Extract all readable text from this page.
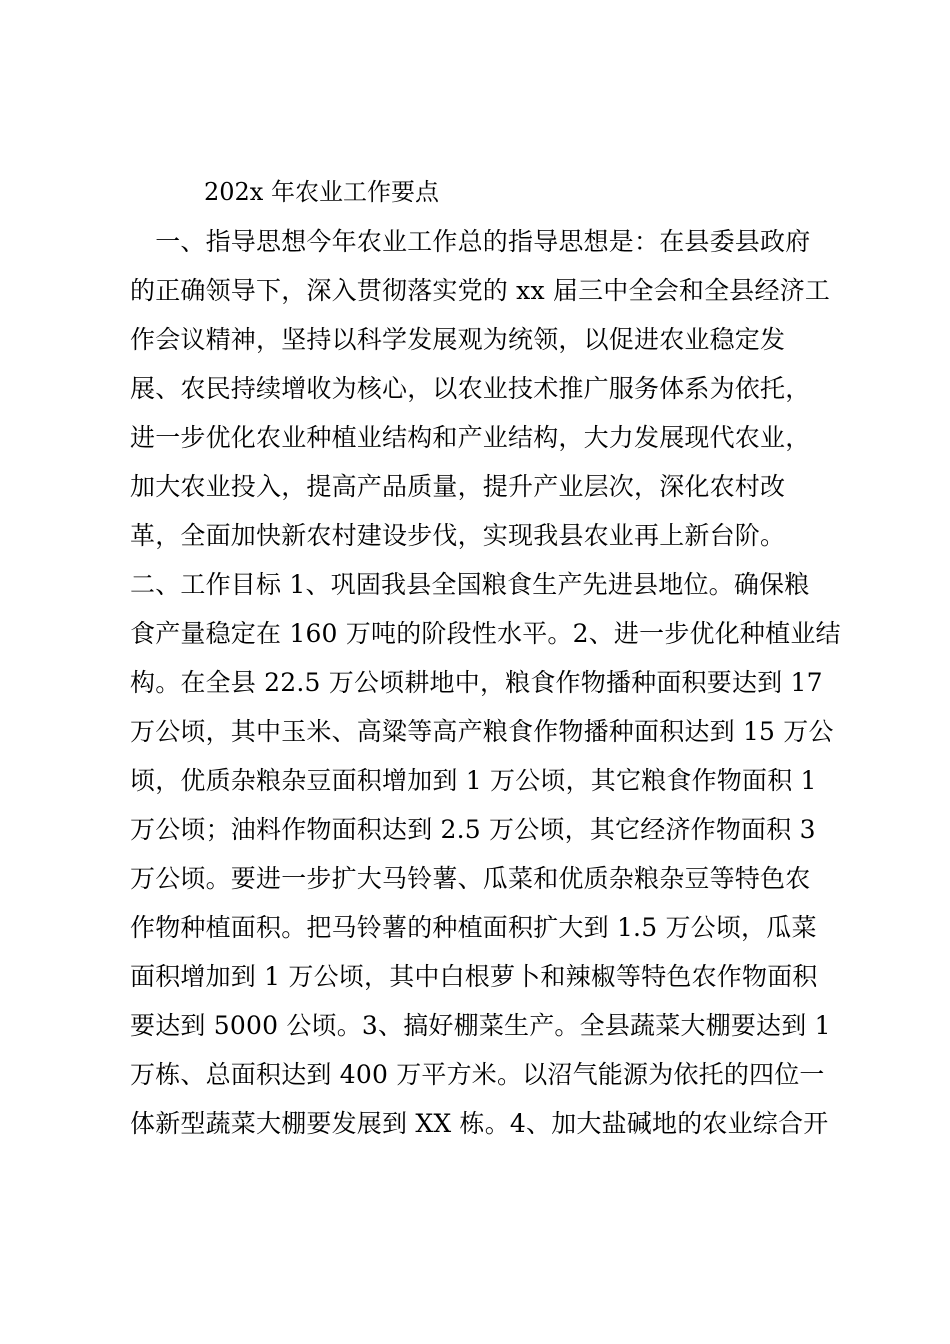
202x 年农业工作要点
　一、指导思想今年农业工作总的指导思想是：在县委县政府
的正确领导下，深入贯彻落实党的 xx 届三中全会和全县经济工
作会议精神，坚持以科学发展观为统领，以促进农业稳定发
展、农民持续增收为核心，以农业技术推广服务体系为依托，
进一步优化农业种植业结构和产业结构，大力发展现代农业，
加大农业投入，提高产品质量，提升产业层次，深化农村改
革，全面加快新农村建设步伐，实现我县农业再上新台阶。
二、工作目标 1、巩固我县全国粮食生产先进县地位。确保粮
食产量稳定在 160 万吨的阶段性水平。2、进一步优化种植业结
构。在全县 22.5 万公顷耕地中，粮食作物播种面积要达到 17
万公顷，其中玉米、高粱等高产粮食作物播种面积达到 15 万公
顷，优质杂粮杂豆面积增加到 1 万公顷，其它粮食作物面积 1
万公顷；油料作物面积达到 2.5 万公顷，其它经济作物面积 3
万公顷。要进一步扩大马铃薯、瓜菜和优质杂粮杂豆等特色农
作物种植面积。把马铃薯的种植面积扩大到 1.5 万公顷，瓜菜
面积增加到 1 万公顷，其中白根萝卜和辣椒等特色农作物面积
要达到 5000 公顷。3、搞好棚菜生产。全县蔬菜大棚要达到 1
万栋、总面积达到 400 万平方米。以沼气能源为依托的四位一
体新型蔬菜大棚要发展到 XX 栋。4、加大盐碱地的农业综合开
